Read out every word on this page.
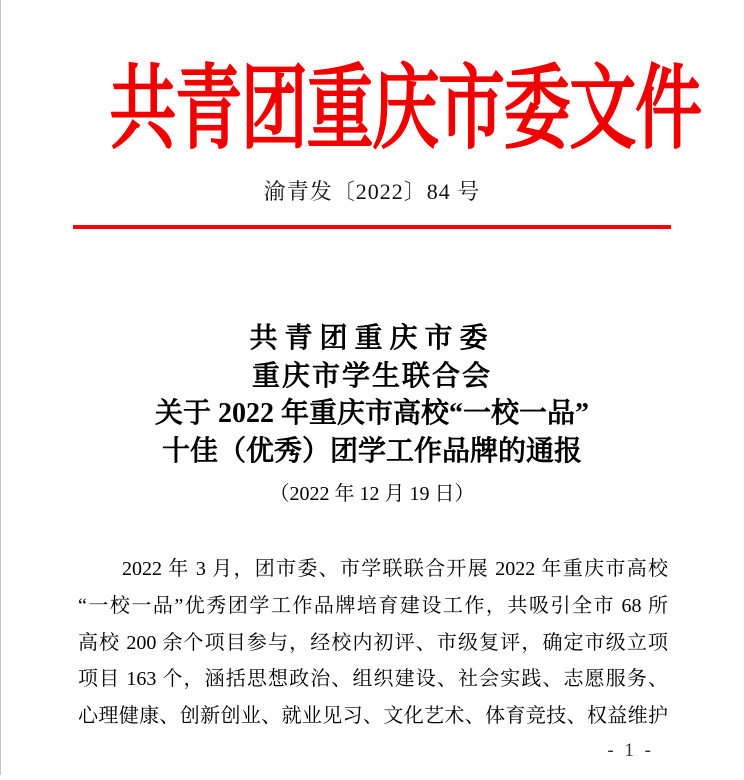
共青团重庆市委文件
渝青发〔2022〕84 号
共青团重庆市委
重庆市学生联合会
关于 2022 年重庆市高校“一校一品”
十佳（优秀）团学工作品牌的通报
（2022 年 12 月 19 日）
2022 年 3 月，团市委、市学联联合开展 2022 年重庆市高校
“一校一品”优秀团学工作品牌培育建设工作，共吸引全市 68 所
高校 200 余个项目参与，经校内初评、市级复评，确定市级立项
项目 163 个，涵括思想政治、组织建设、社会实践、志愿服务、
心理健康、创新创业、就业见习、文化艺术、体育竞技、权益维护
- 1 -
